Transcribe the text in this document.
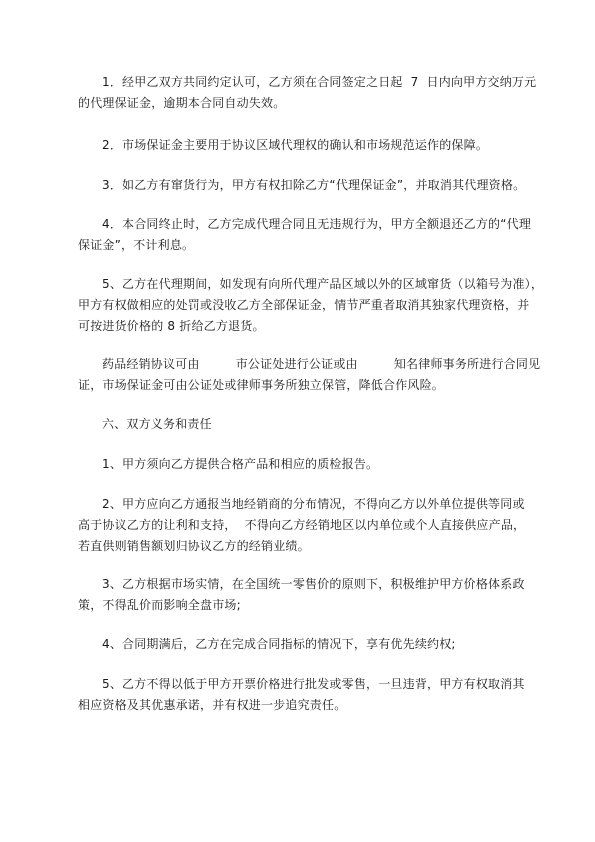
1．经甲乙双方共同约定认可，乙方须在合同签定之日起  7  日内向甲方交纳万元
的代理保证金，逾期本合同自动失效。
2．市场保证金主要用于协议区域代理权的确认和市场规范运作的保障。
3．如乙方有窜货行为，甲方有权扣除乙方“代理保证金”，并取消其代理资格。
4．本合同终止时，乙方完成代理合同且无违规行为，甲方全额退还乙方的“代理
保证金”，不计利息。
5、乙方在代理期间，如发现有向所代理产品区域以外的区域窜货（以箱号为准），
甲方有权做相应的处罚或没收乙方全部保证金，情节严重者取消其独家代理资格，并
可按进货价格的 8 折给乙方退货。
药品经销协议可由         市公证处进行公证或由         知名律师事务所进行合同见
证，市场保证金可由公证处或律师事务所独立保管，降低合作风险。
六、双方义务和责任
1、甲方须向乙方提供合格产品和相应的质检报告。
2、甲方应向乙方通报当地经销商的分布情况，不得向乙方以外单位提供等同或
高于协议乙方的让利和支持，  不得向乙方经销地区以内单位或个人直接供应产品，
若直供则销售额划归协议乙方的经销业绩。
3、乙方根据市场实情，在全国统一零售价的原则下，积极维护甲方价格体系政
策，不得乱价而影响全盘市场;
4、合同期满后，乙方在完成合同指标的情况下，享有优先续约权;
5、乙方不得以低于甲方开票价格进行批发或零售，一旦违背，甲方有权取消其
相应资格及其优惠承诺，并有权进一步追究责任。
